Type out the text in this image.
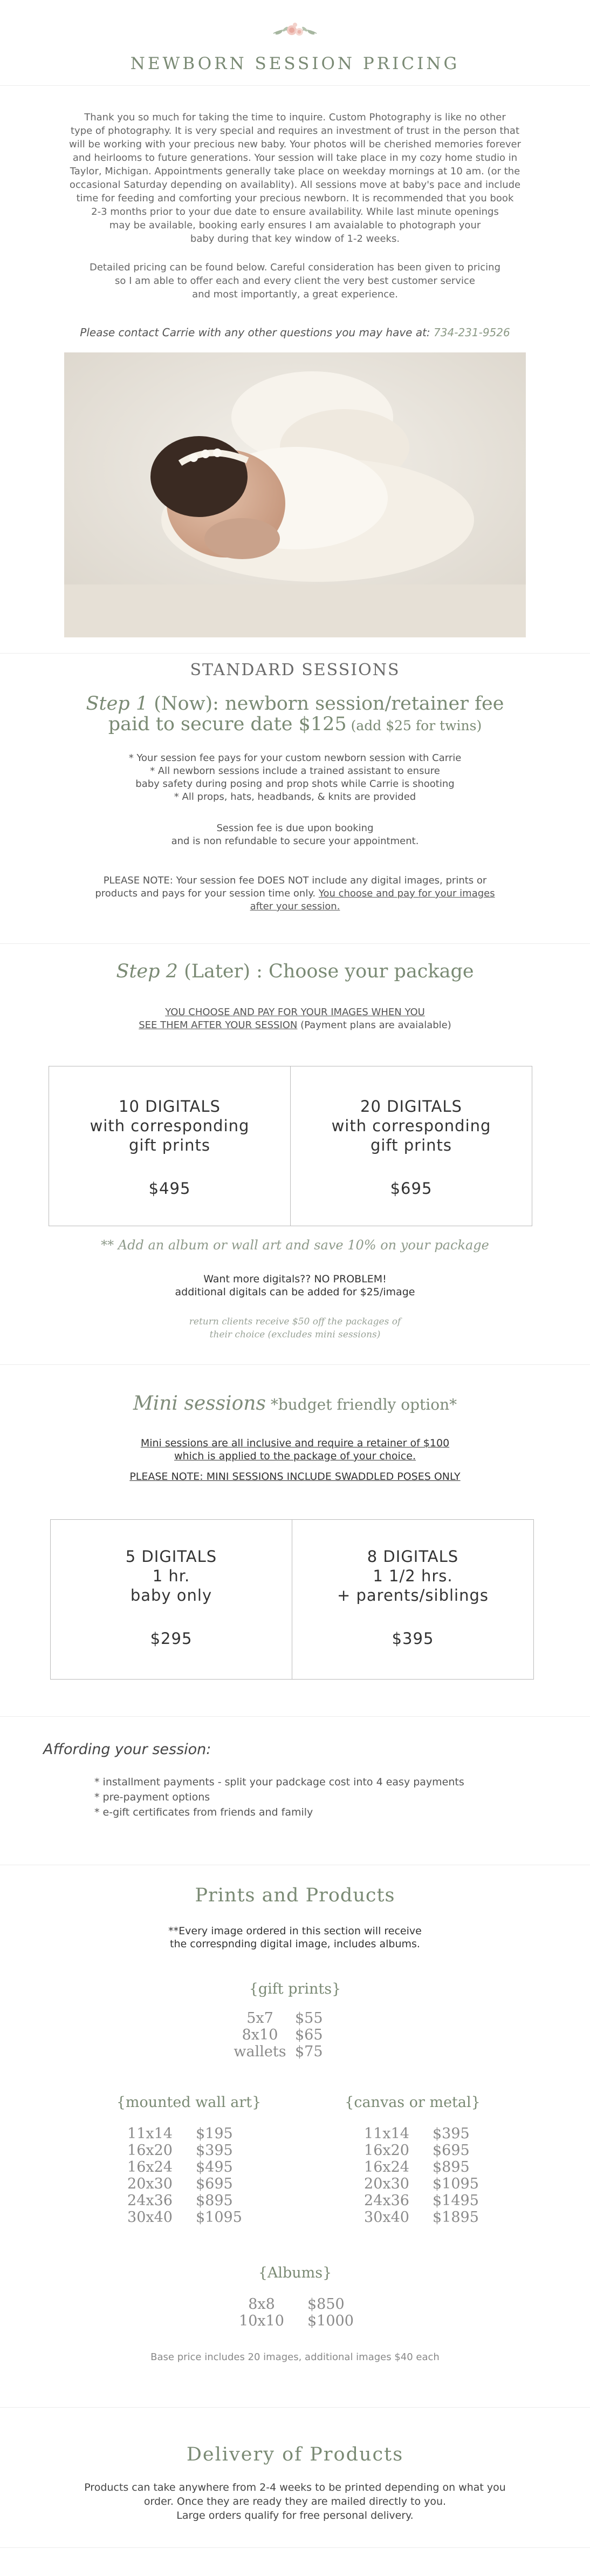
NEWBORN SESSION PRICING
Thank you so much for taking the time to inquire. Custom Photography is like no other
type of photography. It is very special and requires an investment of trust in the person that
will be working with your precious new baby. Your photos will be cherished memories forever
and heirlooms to future generations. Your session will take place in my cozy home studio in
Taylor, Michigan. Appointments generally take place on weekday mornings at 10 am. (or the
occasional Saturday depending on availablity). All sessions move at baby's pace and include
time for feeding and comforting your precious newborn. It is recommended that you book
2-3 months prior to your due date to ensure availability. While last minute openings
may be available, booking early ensures I am avaialable to photograph your
baby during that key window of 1-2 weeks.
Detailed pricing can be found below. Careful consideration has been given to pricing
so I am able to offer each and every client the very best customer service
and most importantly, a great experience.
Please contact Carrie with any other questions you may have at: 734-231-9526
STANDARD SESSIONS
Step 1 (Now): newborn session/retainer fee
paid to secure date $125 (add $25 for twins)
* Your session fee pays for your custom newborn session with Carrie
* All newborn sessions include a trained assistant to ensure
baby safety during posing and prop shots while Carrie is shooting
* All props, hats, headbands, & knits are provided
Session fee is due upon booking
and is non refundable to secure your appointment.
PLEASE NOTE: Your session fee DOES NOT include any digital images, prints or
products and pays for your session time only. You choose and pay for your images
after your session.
Step 2 (Later) : Choose your package
YOU CHOOSE AND PAY FOR YOUR IMAGES WHEN YOU
SEE THEM AFTER YOUR SESSION (Payment plans are avaialable)
10 DIGITALS
with corresponding
gift prints
$495
20 DIGITALS
with corresponding
gift prints
$695
** Add an album or wall art and save 10% on your package
Want more digitals?? NO PROBLEM!
additional digitals can be added for $25/image
return clients receive $50 off the packages of
their choice (excludes mini sessions)
Mini sessions *budget friendly option*
Mini sessions are all inclusive and require a retainer of $100
which is applied to the package of your choice.
PLEASE NOTE: MINI SESSIONS INCLUDE SWADDLED POSES ONLY
5 DIGITALS
1 hr.
baby only
$295
8 DIGITALS
1 1/2 hrs.
+ parents/siblings
$395
Affording your session:
* installment payments - split your padckage cost into 4 easy payments
* pre-payment options
* e-gift certificates from friends and family
Prints and Products
**Every image ordered in this section will receive
the correspnding digital image, includes albums.
{gift prints}
5x7	$55
8x10	$65
wallets $75
{mounted wall art}
11x14	$195
16x20	$395
16x24	$495
20x30	$695
24x36	$895
30x40	$1095
{canvas or metal}
11x14	$395
16x20	$695
16x24	$895
20x30	$1095
24x36	$1495
30x40	$1895
{Albums}
8x8	$850
10x10	$1000
Base price includes 20 images, additional images $40 each
Delivery of Products
Products can take anywhere from 2-4 weeks to be printed depending on what you
order. Once they are ready they are mailed directly to you.
Large orders qualify for free personal delivery.
